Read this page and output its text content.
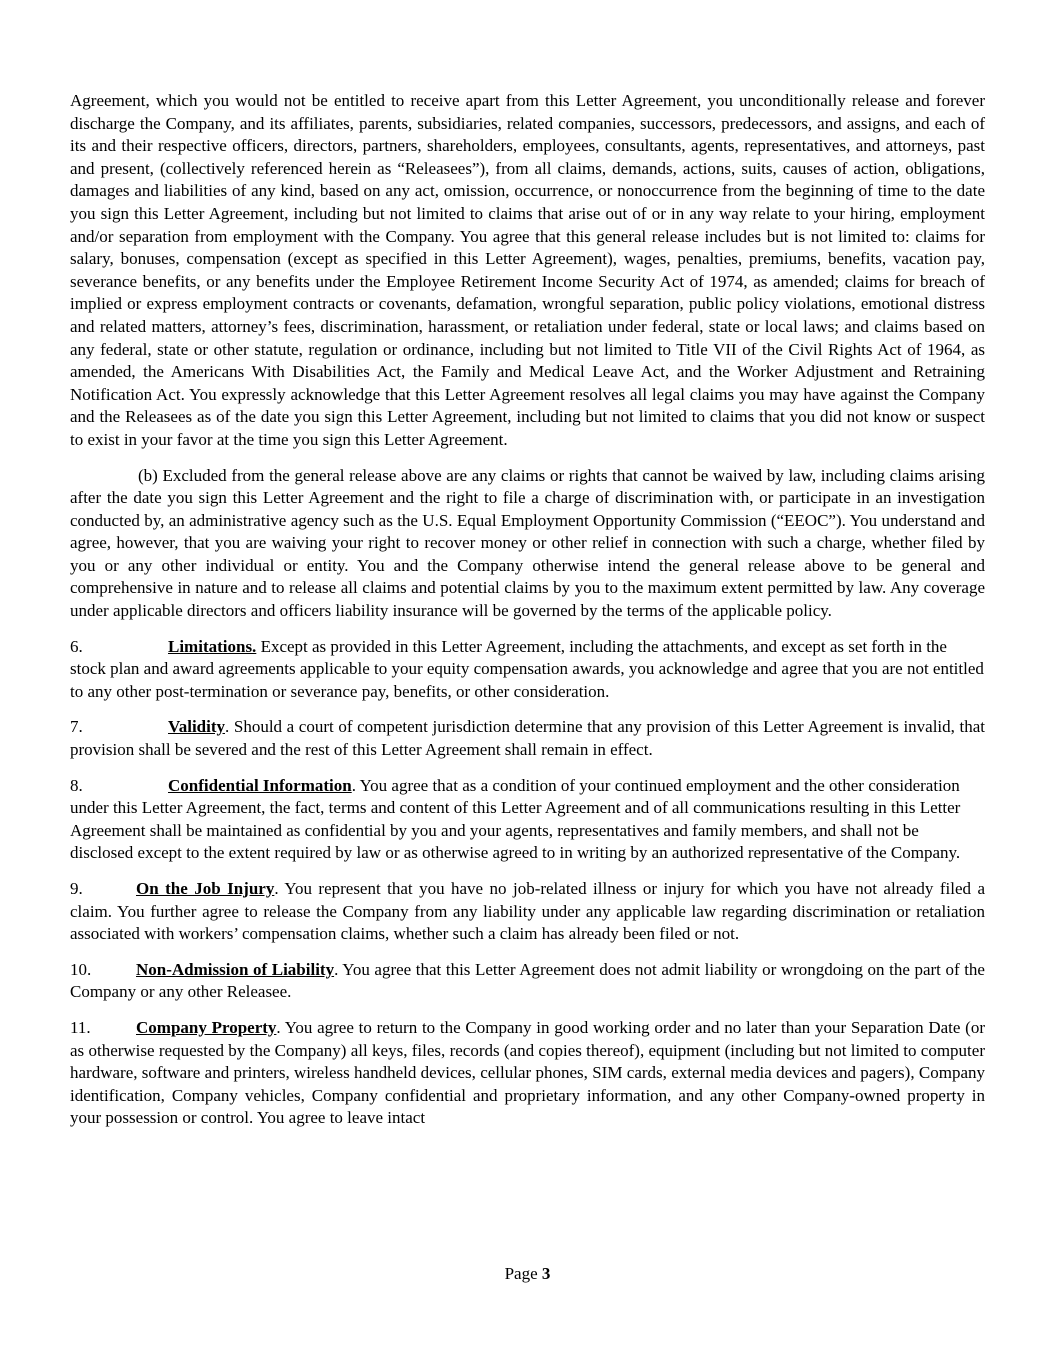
Agreement, which you would not be entitled to receive apart from this Letter Agreement, you unconditionally release and forever discharge the Company, and its affiliates, parents, subsidiaries, related companies, successors, predecessors, and assigns, and each of its and their respective officers, directors, partners, shareholders, employees, consultants, agents, representatives, and attorneys, past and present, (collectively referenced herein as “Releasees”), from all claims, demands, actions, suits, causes of action, obligations, damages and liabilities of any kind, based on any act, omission, occurrence, or nonoccurrence from the beginning of time to the date you sign this Letter Agreement, including but not limited to claims that arise out of or in any way relate to your hiring, employment and/or separation from employment with the Company. You agree that this general release includes but is not limited to: claims for salary, bonuses, compensation (except as specified in this Letter Agreement), wages, penalties, premiums, benefits, vacation pay, severance benefits, or any benefits under the Employee Retirement Income Security Act of 1974, as amended; claims for breach of implied or express employment contracts or covenants, defamation, wrongful separation, public policy violations, emotional distress and related matters, attorney’s fees, discrimination, harassment, or retaliation under federal, state or local laws; and claims based on any federal, state or other statute, regulation or ordinance, including but not limited to Title VII of the Civil Rights Act of 1964, as amended, the Americans With Disabilities Act, the Family and Medical Leave Act, and the Worker Adjustment and Retraining Notification Act. You expressly acknowledge that this Letter Agreement resolves all legal claims you may have against the Company and the Releasees as of the date you sign this Letter Agreement, including but not limited to claims that you did not know or suspect to exist in your favor at the time you sign this Letter Agreement.

(b) Excluded from the general release above are any claims or rights that cannot be waived by law, including claims arising after the date you sign this Letter Agreement and the right to file a charge of discrimination with, or participate in an investigation conducted by, an administrative agency such as the U.S. Equal Employment Opportunity Commission (“EEOC”). You understand and agree, however, that you are waiving your right to recover money or other relief in connection with such a charge, whether filed by you or any other individual or entity. You and the Company otherwise intend the general release above to be general and comprehensive in nature and to release all claims and potential claims by you to the maximum extent permitted by law. Any coverage under applicable directors and officers liability insurance will be governed by the terms of the applicable policy.

6.	Limitations. Except as provided in this Letter Agreement, including the attachments, and except as set forth in the stock plan and award agreements applicable to your equity compensation awards, you acknowledge and agree that you are not entitled to any other post-termination or severance pay, benefits, or other consideration.

7.	Validity. Should a court of competent jurisdiction determine that any provision of this Letter Agreement is invalid, that provision shall be severed and the rest of this Letter Agreement shall remain in effect.

8.	Confidential Information. You agree that as a condition of your continued employment and the other consideration under this Letter Agreement, the fact, terms and content of this Letter Agreement and of all communications resulting in this Letter Agreement shall be maintained as confidential by you and your agents, representatives and family members, and shall not be disclosed except to the extent required by law or as otherwise agreed to in writing by an authorized representative of the Company.

9.	On the Job Injury. You represent that you have no job-related illness or injury for which you have not already filed a claim. You further agree to release the Company from any liability under any applicable law regarding discrimination or retaliation associated with workers’ compensation claims, whether such a claim has already been filed or not.

10.	Non-Admission of Liability. You agree that this Letter Agreement does not admit liability or wrongdoing on the part of the Company or any other Releasee.

11.	Company Property. You agree to return to the Company in good working order and no later than your Separation Date (or as otherwise requested by the Company) all keys, files, records (and copies thereof), equipment (including but not limited to computer hardware, software and printers, wireless handheld devices, cellular phones, SIM cards, external media devices and pagers), Company identification, Company vehicles, Company confidential and proprietary information, and any other Company-owned property in your possession or control. You agree to leave intact

Page 3
